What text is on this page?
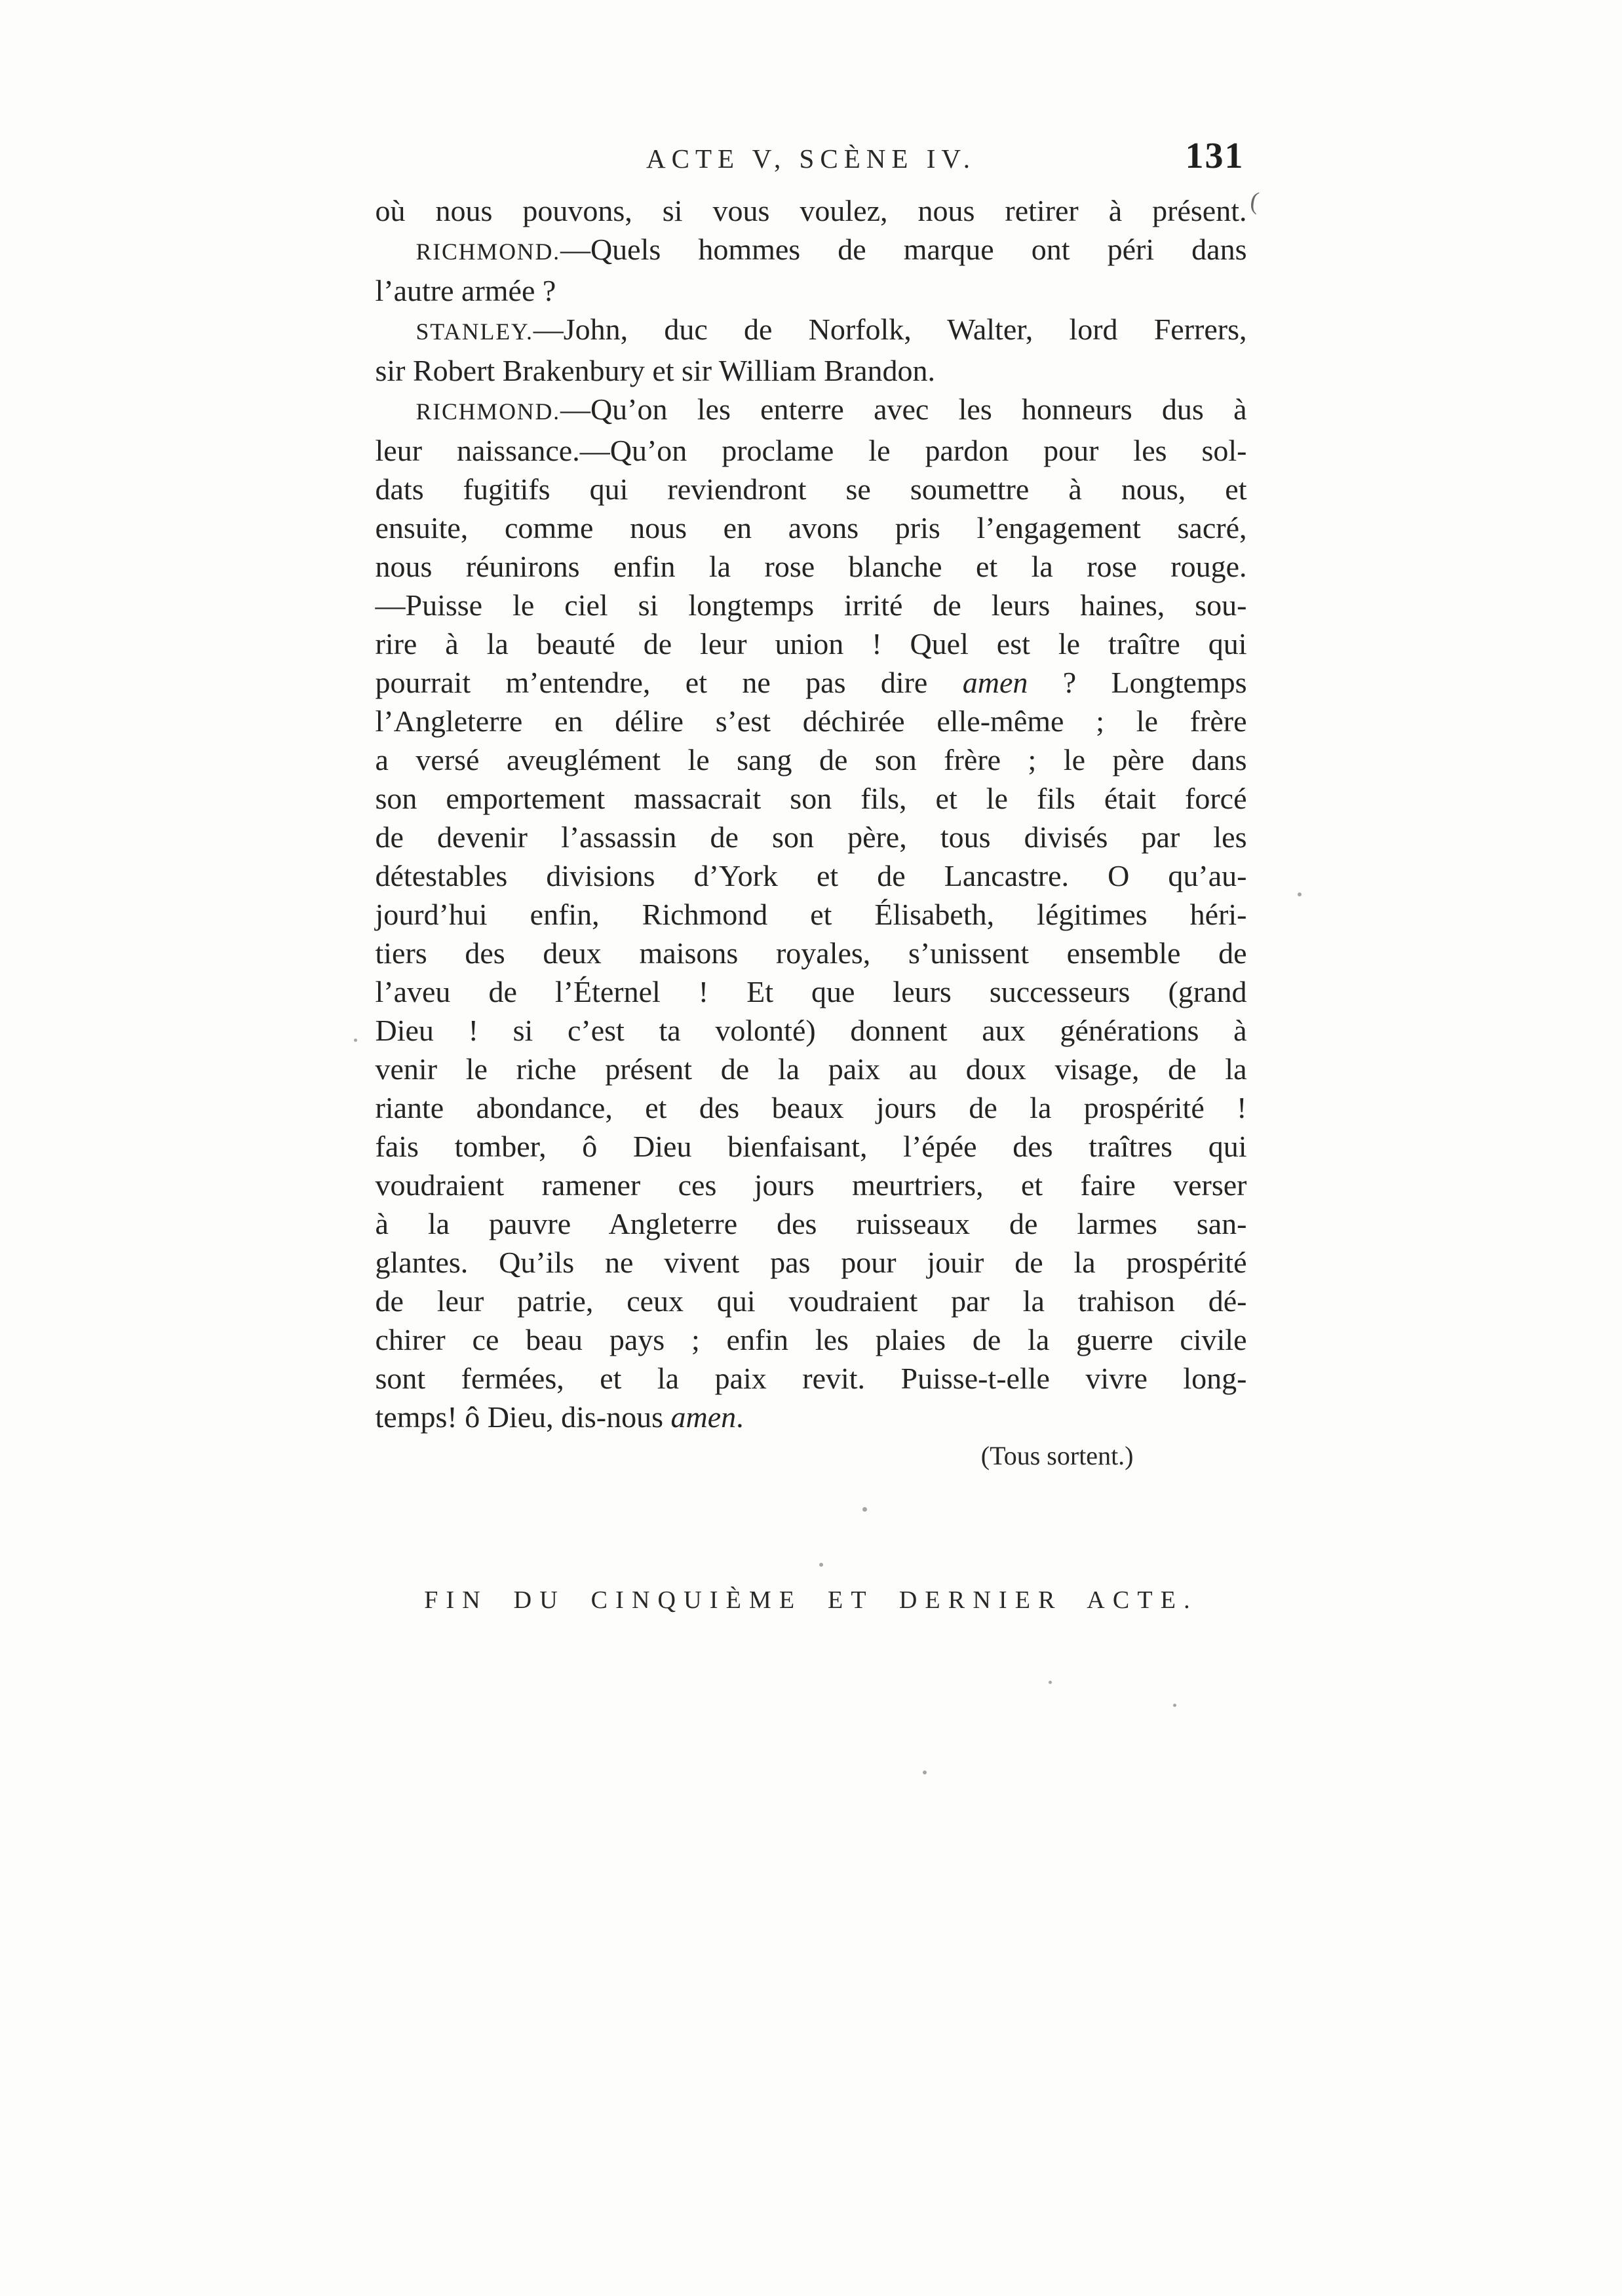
ACTE V, SCÈNE IV.	131
où nous pouvons, si vous voulez, nous retirer à présent.
RICHMOND.—Quels hommes de marque ont péri dans
l’autre armée ?
STANLEY.—John, duc de Norfolk, Walter, lord Ferrers,
sir Robert Brakenbury et sir William Brandon.
RICHMOND.—Qu’on les enterre avec les honneurs dus à
leur naissance.—Qu’on proclame le pardon pour les sol-
dats fugitifs qui reviendront se soumettre à nous, et
ensuite, comme nous en avons pris l’engagement sacré,
nous réunirons enfin la rose blanche et la rose rouge.
—Puisse le ciel si longtemps irrité de leurs haines, sou-
rire à la beauté de leur union ! Quel est le traître qui
pourrait m’entendre, et ne pas dire amen ? Longtemps
l’Angleterre en délire s’est déchirée elle-même ; le frère
a versé aveuglément le sang de son frère ; le père dans
son emportement massacrait son fils, et le fils était forcé
de devenir l’assassin de son père, tous divisés par les
détestables divisions d’York et de Lancastre. O qu’au-
jourd’hui enfin, Richmond et Élisabeth, légitimes héri-
tiers des deux maisons royales, s’unissent ensemble de
l’aveu de l’Éternel ! Et que leurs successeurs (grand
Dieu ! si c’est ta volonté) donnent aux générations à
venir le riche présent de la paix au doux visage, de la
riante abondance, et des beaux jours de la prospérité !
fais tomber, ô Dieu bienfaisant, l’épée des traîtres qui
voudraient ramener ces jours meurtriers, et faire verser
à la pauvre Angleterre des ruisseaux de larmes san-
glantes. Qu’ils ne vivent pas pour jouir de la prospérité
de leur patrie, ceux qui voudraient par la trahison dé-
chirer ce beau pays ; enfin les plaies de la guerre civile
sont fermées, et la paix revit. Puisse-t-elle vivre long-
temps! ô Dieu, dis-nous amen.
(Tous sortent.)
FIN DU CINQUIÈME ET DERNIER ACTE.
(
